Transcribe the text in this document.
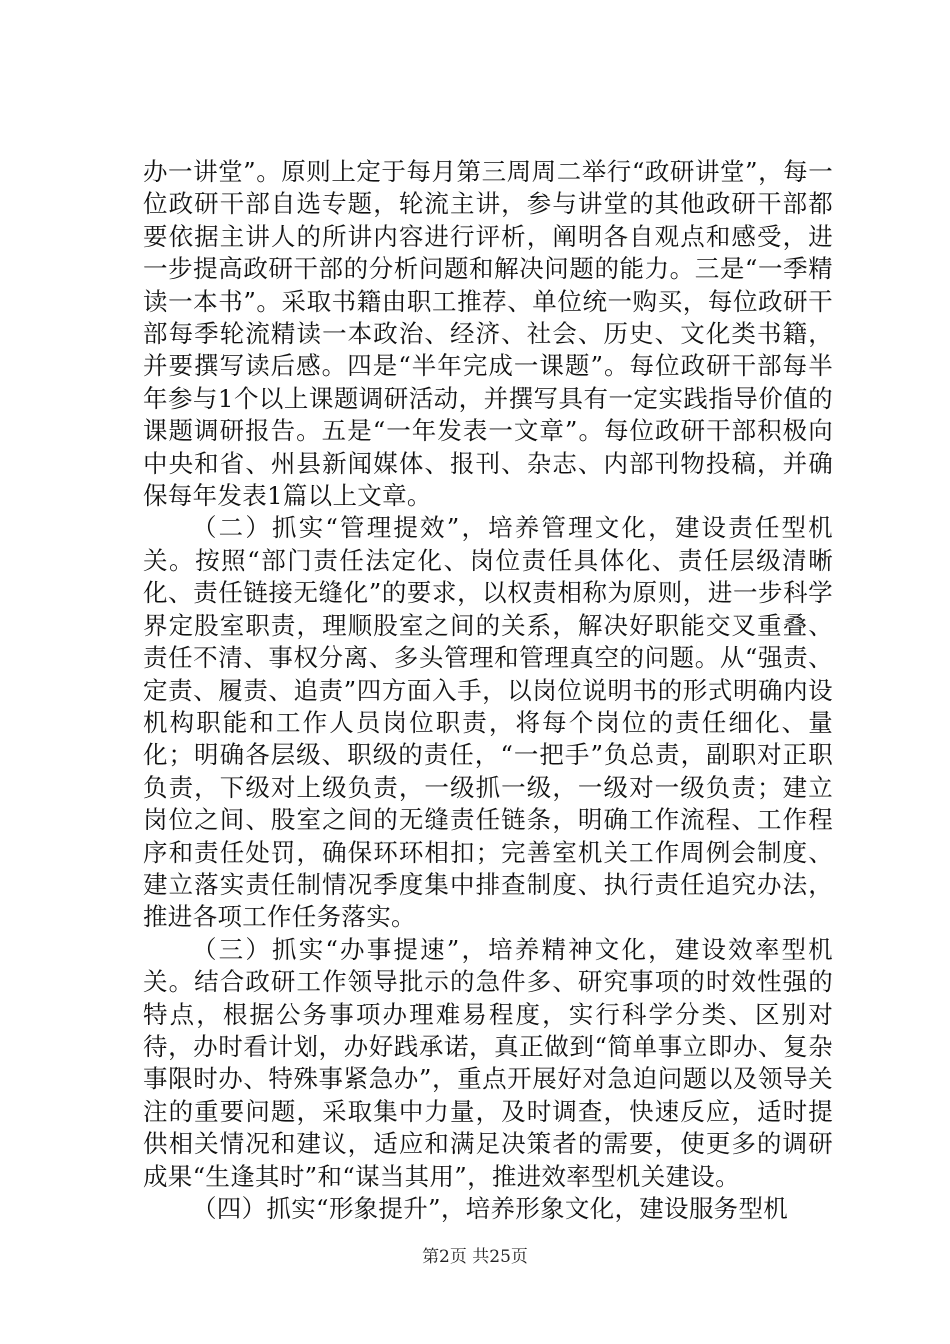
办一讲堂”。原则上定于每月第三周周二举行“政研讲堂”，每一位政研干部自选专题，轮流主讲，参与讲堂的其他政研干部都要依据主讲人的所讲内容进行评析，阐明各自观点和感受，进一步提高政研干部的分析问题和解决问题的能力。三是“一季精读一本书”。采取书籍由职工推荐、单位统一购买，每位政研干部每季轮流精读一本政治、经济、社会、历史、文化类书籍，并要撰写读后感。四是“半年完成一课题”。每位政研干部每半年参与1个以上课题调研活动，并撰写具有一定实践指导价值的课题调研报告。五是“一年发表一文章”。每位政研干部积极向中央和省、州县新闻媒体、报刊、杂志、内部刊物投稿，并确保每年发表1篇以上文章。

（二）抓实“管理提效”，培养管理文化，建设责任型机关。按照“部门责任法定化、岗位责任具体化、责任层级清晰化、责任链接无缝化”的要求，以权责相称为原则，进一步科学界定股室职责，理顺股室之间的关系，解决好职能交叉重叠、责任不清、事权分离、多头管理和管理真空的问题。从“强责、定责、履责、追责”四方面入手，以岗位说明书的形式明确内设机构职能和工作人员岗位职责，将每个岗位的责任细化、量化；明确各层级、职级的责任，“一把手”负总责，副职对正职负责，下级对上级负责，一级抓一级，一级对一级负责；建立岗位之间、股室之间的无缝责任链条，明确工作流程、工作程序和责任处罚，确保环环相扣；完善室机关工作周例会制度、建立落实责任制情况季度集中排查制度、执行责任追究办法，推进各项工作任务落实。

（三）抓实“办事提速”，培养精神文化，建设效率型机关。结合政研工作领导批示的急件多、研究事项的时效性强的特点，根据公务事项办理难易程度，实行科学分类、区别对待，办时看计划，办好践承诺，真正做到“简单事立即办、复杂事限时办、特殊事紧急办”，重点开展好对急迫问题以及领导关注的重要问题，采取集中力量，及时调查，快速反应，适时提供相关情况和建议，适应和满足决策者的需要，使更多的调研成果“生逢其时”和“谋当其用”，推进效率型机关建设。

（四）抓实“形象提升”，培养形象文化，建设服务型机

第2页 共25页
